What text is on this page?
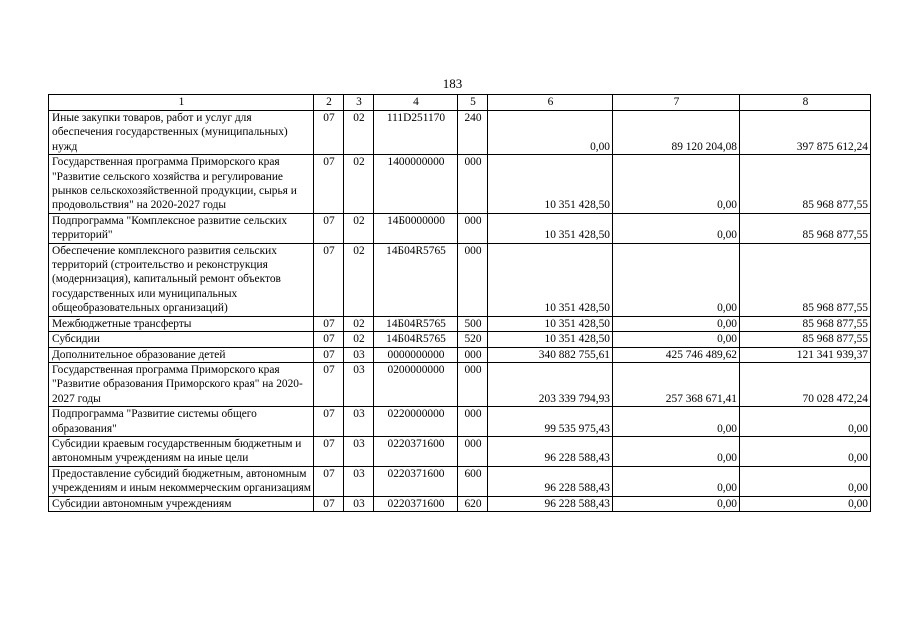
183
1	2	3	4	5	6	7	8
Иные закупки товаров, работ и услуг для обеспечения государственных (муниципальных) нужд	07	02	111D251170	240	0,00	89 120 204,08	397 875 612,24
Государственная программа Приморского края "Развитие сельского хозяйства и регулирование рынков сельскохозяйственной продукции, сырья и продовольствия" на 2020-2027 годы	07	02	1400000000	000	10 351 428,50	0,00	85 968 877,55
Подпрограмма "Комплексное развитие сельских территорий"	07	02	14Б0000000	000	10 351 428,50	0,00	85 968 877,55
Обеспечение комплексного развития сельских территорий (строительство и реконструкция (модернизация), капитальный ремонт объектов государственных или муниципальных общеобразовательных организаций)	07	02	14Б04R5765	000	10 351 428,50	0,00	85 968 877,55
Межбюджетные трансферты	07	02	14Б04R5765	500	10 351 428,50	0,00	85 968 877,55
Субсидии	07	02	14Б04R5765	520	10 351 428,50	0,00	85 968 877,55
Дополнительное образование детей	07	03	0000000000	000	340 882 755,61	425 746 489,62	121 341 939,37
Государственная программа Приморского края "Развитие образования Приморского края" на 2020-2027 годы	07	03	0200000000	000	203 339 794,93	257 368 671,41	70 028 472,24
Подпрограмма "Развитие системы общего образования"	07	03	0220000000	000	99 535 975,43	0,00	0,00
Субсидии краевым государственным бюджетным и автономным учреждениям на иные цели	07	03	0220371600	000	96 228 588,43	0,00	0,00
Предоставление субсидий бюджетным, автономным учреждениям и иным некоммерческим организациям	07	03	0220371600	600	96 228 588,43	0,00	0,00
Субсидии автономным учреждениям	07	03	0220371600	620	96 228 588,43	0,00	0,00
